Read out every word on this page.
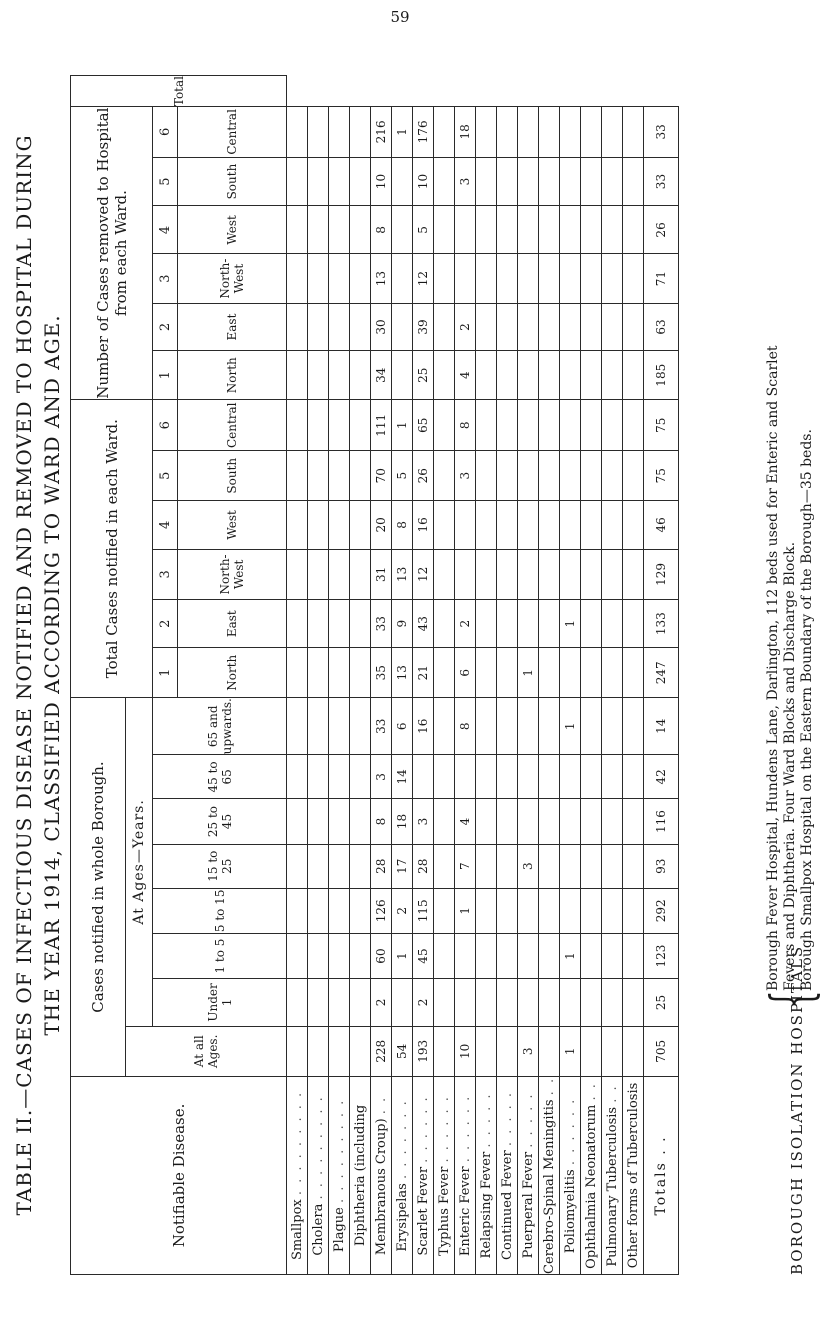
59
TABLE II.—CASES OF INFECTIOUS DISEASE NOTIFIED AND REMOVED TO HOSPITAL DURING THE YEAR 1914, CLASSIFIED ACCORDING TO WARD AND AGE.
Notifiable Disease.	Cases notified in whole Borough.								Total Cases notified in each Ward.						Number of Cases removed to Hospital from each Ward.						Total
	At all Ages.	At Ages—Years.																			
		Under 1	1 to 5	5 to 15	15 to 25	25 to 45	45 to 65	65 and upwards.	1	2	3	4	5	6	1	2	3	4	5	6	
									North	East	North-West	West	South	Central	North	East	North-West	West	South	Central	
Smallpox . . . . . . . . .																					
Cholera . . . . . . . . .																					
Plague . . . . . . . . .																					
Diphtheria (including																					
Membranous Croup) . .	228	2	60	126	28	8	3	33	35	33	31	20	70	111	34	30	13	8	10	216	
Erysipelas . . . . . . .	54		1	2	17	18	14	6	13	9	13	8	5	1						1	
Scarlet Fever . . . . . .	193	2	45	115	28	3		16	21	43	12	16	26	65	25	39	12	5	10	176	
Typhus Fever . . . . . .																					
Enteric Fever . . . . . .	10			1	7	4		8	6	2			3	8	4	2			3	18	
Relapsing Fever . . . . .																					
Continued Fever . . . . .																					
Puerperal Fever . . . . .	3				3				1												
Cerebro-Spinal Meningitis . .																					
Poliomyelitis . . . . . .	1		1					1		1											
Ophthalmia Neonatorum . .																					
Pulmonary Tuberculosis . .																					
Other forms of Tuberculosis																					
Totals . .	705	25	123	292	93	116	42	14	247	133	129	46	75	75	185	63	71	26	33	33	
BOROUGH ISOLATION HOSPITALS
{
Borough Fever Hospital, Hundens Lane, Darlington, 112 beds used for Enteric and Scarlet Fevers and Diphtheria. Four Ward Blocks and Discharge Block. Borough Smallpox Hospital on the Eastern Boundary of the Borough—35 beds.
